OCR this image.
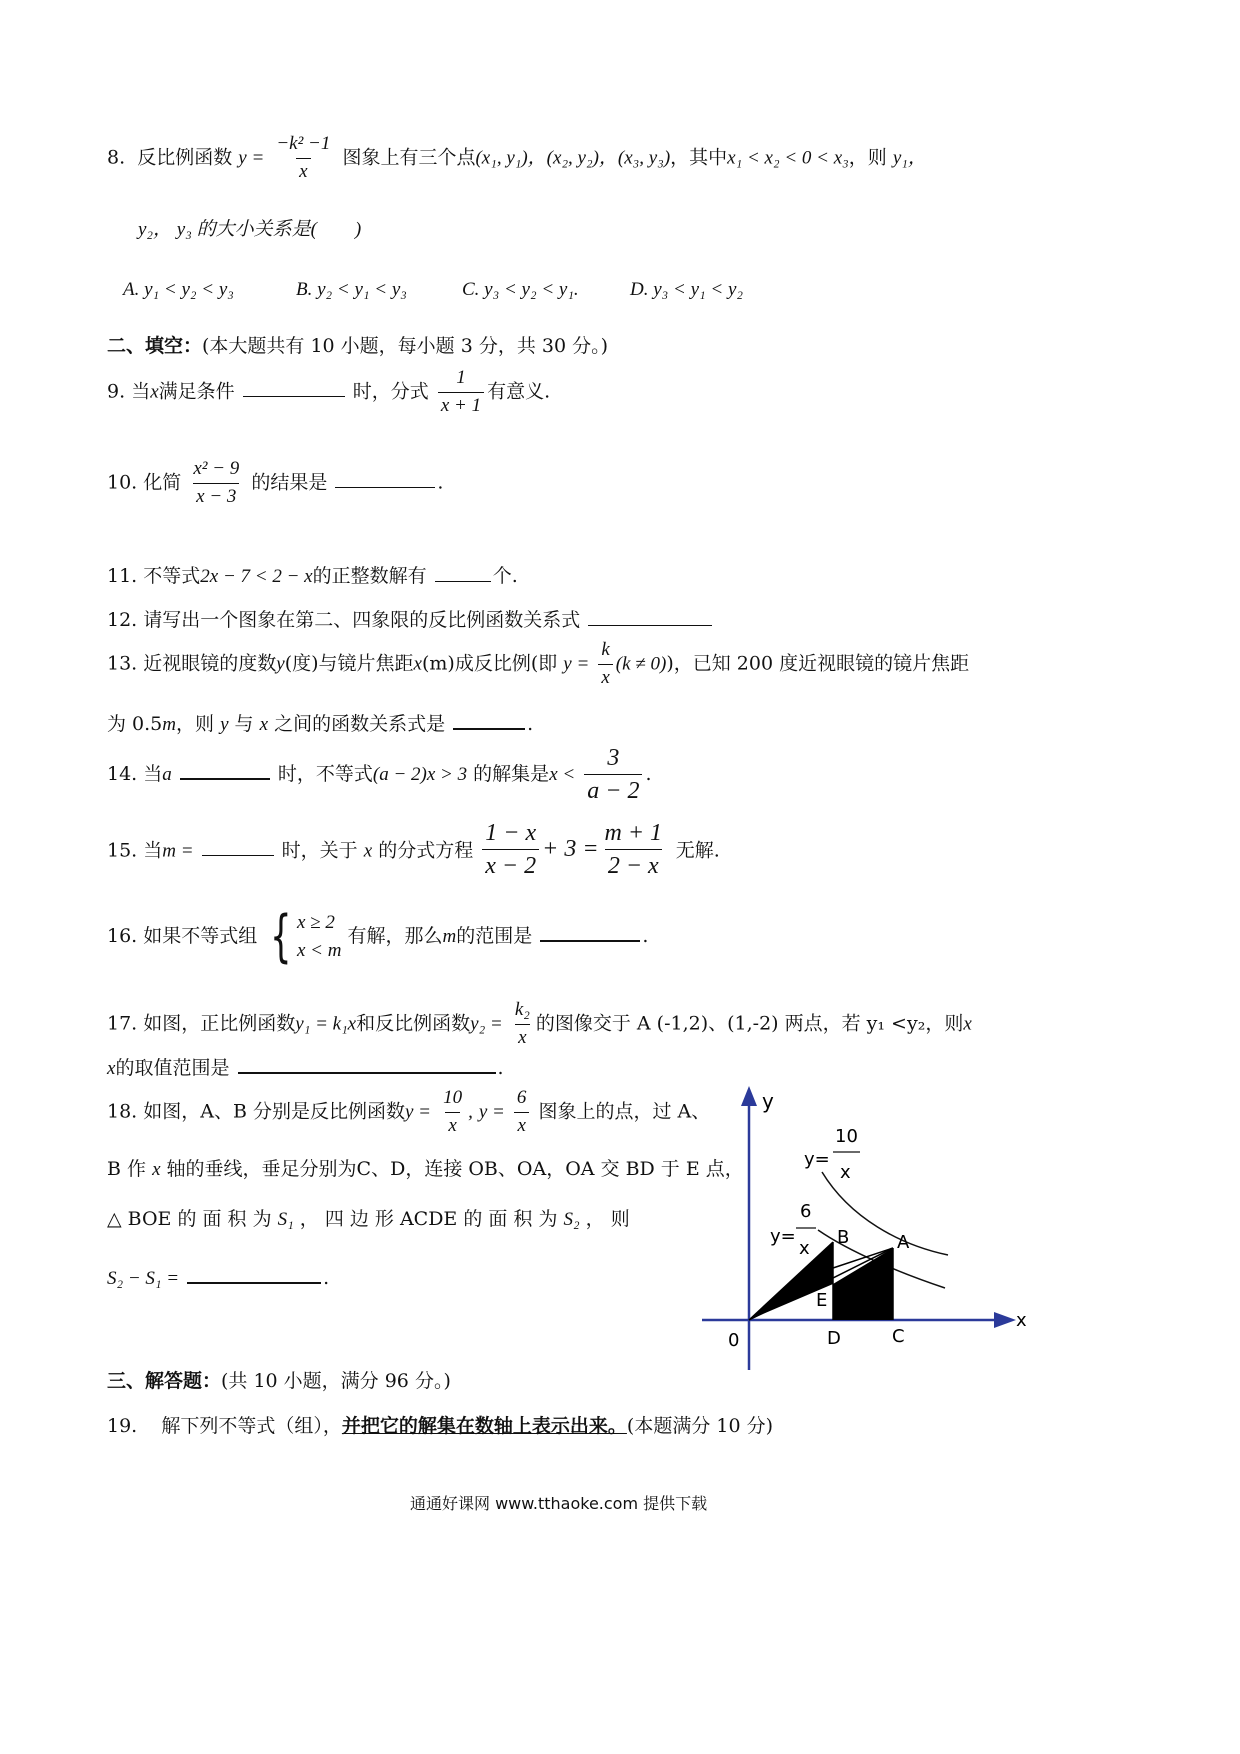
8. 反比例函数 $y = \frac{\text{−k² −1}}{x}$ 图象上有三个点(x₁, y₁)，(x₂, y₂)，(x₃, y₃)，其中x₁ < x₂ < 0 < x₃，则 y₁，
y₂， y₃ 的大小关系是(　　)
A. y₁ < y₂ < y₃	B. y₂ < y₁ < y₃	C. y₃ < y₂ < y₁.	D. y₃ < y₁ < y₂
二、填空：(本大题共有 10 小题，每小题 3 分，共 30 分。)
9. 当x满足条件	时，分式 $\frac{1}{x + 1}$ 有意义.
10. 化简 $\frac{\text{x² − 9}}{x - 3}$ 的结果是	.
11. 不等式2x − 7 < 2 − x的正整数解有	个.
12. 请写出一个图象在第二、四象限的反比例函数关系式
13. 近视眼镜的度数y(度)与镜片焦距x(m)成反比例(即 $y = \frac{k}{x} (k \ne 0)$)，已知 200 度近视眼镜的镜片焦距
为 0.5m，则 y 与 x 之间的函数关系式是	.
14. 当a	时，不等式(a − 2)x > 3 的解集是$x < \frac{3}{a - 2}$ .
15. 当m =	时，关于 x 的分式方程 $\frac{1 - x}{x - 2} + 3 = \frac{m + 1}{2 - x}$ 无解.
16. 如果不等式组 { x ≥ 2
x < m
有解，那么m的范围是	.
17. 如图，正比例函数y₁ = k₁x和反比例函数$y_2 = \frac{\text{k₂}}{x}$ 的图像交于 A (-1,2)、(1,-2) 两点，若 y₁ <y₂，则x
x的取值范围是	.
18. 如图，A、B 分别是反比例函数$y = \frac{10}{x}$ , $y = \frac{6}{x}$ 图象上的点，过 A、
B 作 x 轴的垂线，垂足分别为C、D，连接 OB、OA，OA 交 BD 于 E 点，
△ BOE 的 面 积 为 S₁ ， 四 边 形 ACDE 的 面 积 为 S₂ ， 则
S₂ − S₁ =	.
y
x
0
y=
10
x
y=
6
x	A
B
E
D	C
三、解答题：(共 10 小题，满分 96 分。)
19. 解下列不等式（组），并把它的解集在数轴上表示出来。(本题满分 10 分)
通通好课网 www.tthaoke.com 提供下载
